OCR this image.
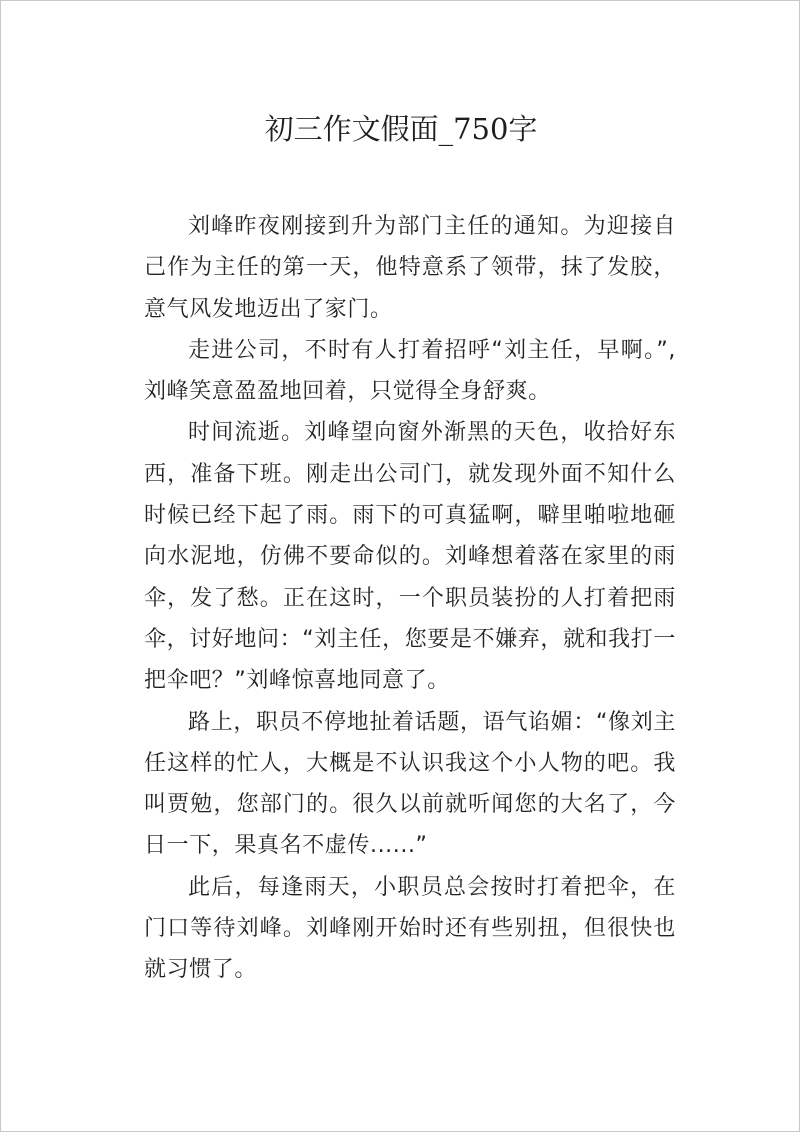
初三作文假面_750字

刘峰昨夜刚接到升为部门主任的通知。为迎接自己作为主任的第一天，他特意系了领带，抹了发胶，意气风发地迈出了家门。

走进公司，不时有人打着招呼“刘主任，早啊。”,刘峰笑意盈盈地回着，只觉得全身舒爽。

时间流逝。刘峰望向窗外渐黑的天色，收拾好东西，准备下班。刚走出公司门，就发现外面不知什么时候已经下起了雨。雨下的可真猛啊，噼里啪啦地砸向水泥地，仿佛不要命似的。刘峰想着落在家里的雨伞，发了愁。正在这时，一个职员装扮的人打着把雨伞，讨好地问：“刘主任，您要是不嫌弃，就和我打一把伞吧？”刘峰惊喜地同意了。

路上，职员不停地扯着话题，语气谄媚：“像刘主任这样的忙人，大概是不认识我这个小人物的吧。我叫贾勉，您部门的。很久以前就听闻您的大名了，今日一下，果真名不虚传......”

此后，每逢雨天，小职员总会按时打着把伞，在门口等待刘峰。刘峰刚开始时还有些别扭，但很快也就习惯了。
